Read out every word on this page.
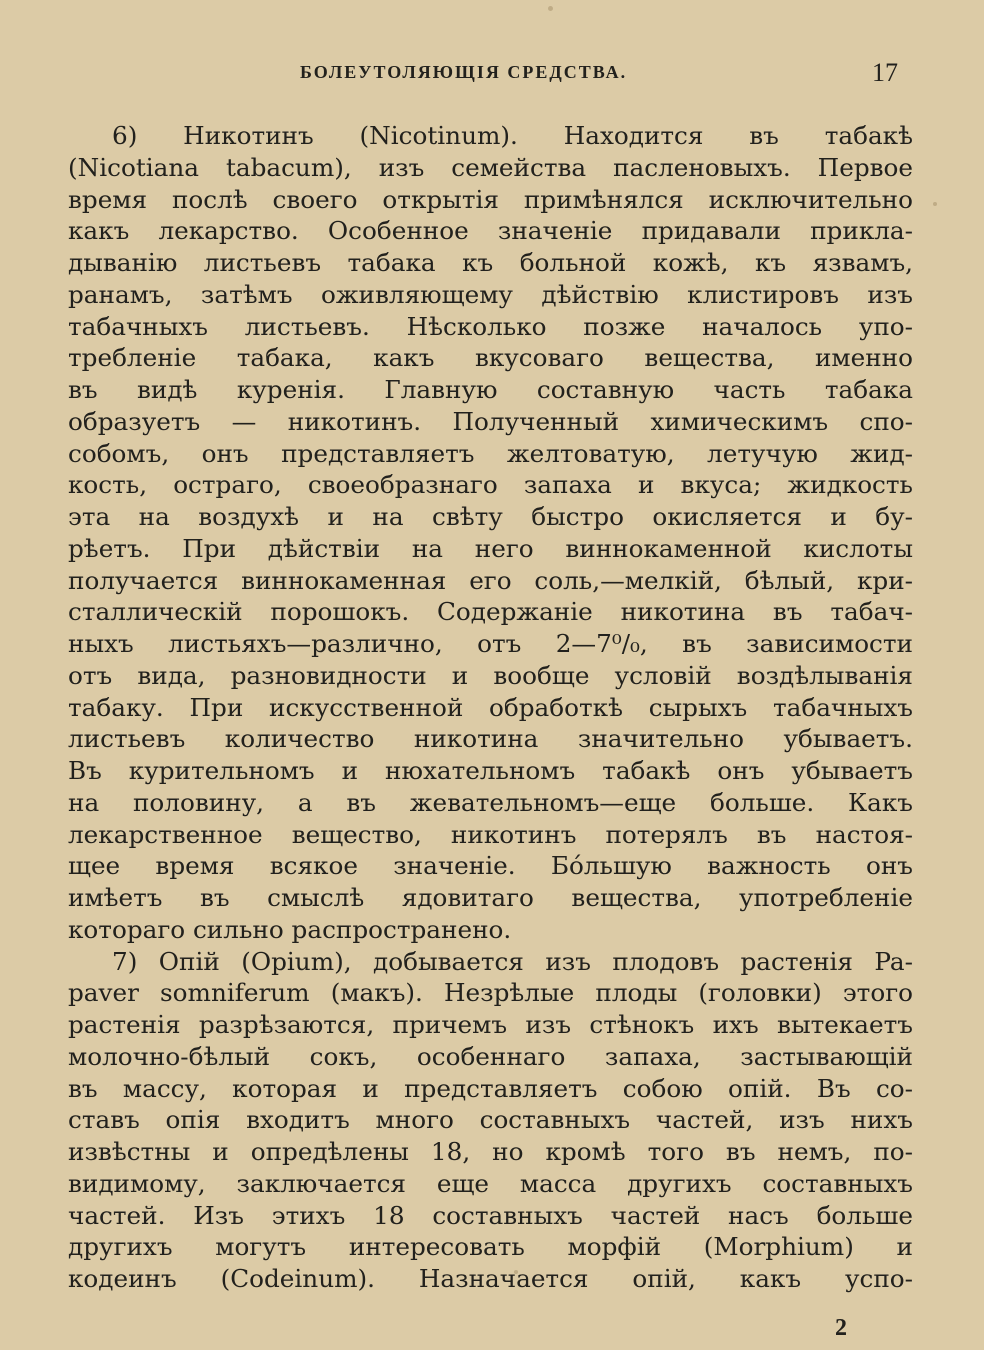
БОЛЕУТОЛЯЮЩІЯ СРЕДСТВА.	17
6) Никотинъ (Nicotinum). Находится въ табакѣ
(Nicotiana tabacum), изъ семейства пасленовыхъ. Первое
время послѣ своего открытія примѣнялся исключительно
какъ лекарство. Особенное значеніе придавали прикла-
дыванію листьевъ табака къ больной кожѣ, къ язвамъ,
ранамъ, затѣмъ оживляющему дѣйствію клистировъ изъ
табачныхъ листьевъ. Нѣсколько позже началось упо-
требленіе табака, какъ вкусоваго вещества, именно
въ видѣ куренія. Главную составную часть табака
образуетъ — никотинъ. Полученный химическимъ спо-
собомъ, онъ представляетъ желтоватую, летучую жид-
кость, остраго, своеобразнаго запаха и вкуса; жидкость
эта на воздухѣ и на свѣту быстро окисляется и бу-
рѣетъ. При дѣйствіи на него виннокаменной кислоты
получается виннокаменная его соль,—мелкій, бѣлый, кри-
сталлическій порошокъ. Содержаніе никотина въ табач-
ныхъ листьяхъ—различно, отъ 2—7⁰/₀, въ зависимости
отъ вида, разновидности и вообще условій воздѣлыванія
табаку. При искусственной обработкѣ сырыхъ табачныхъ
листьевъ количество никотина значительно убываетъ.
Въ курительномъ и нюхательномъ табакѣ онъ убываетъ
на половину, а въ жевательномъ—еще больше. Какъ
лекарственное вещество, никотинъ потерялъ въ настоя-
щее время всякое значеніе. Бо́льшую важность онъ
имѣетъ въ смыслѣ ядовитаго вещества, употребленіе
котораго сильно распространено.
7) Опій (Opium), добывается изъ плодовъ растенія Pa-
paver somniferum (макъ). Незрѣлые плоды (головки) этого
растенія разрѣзаются, причемъ изъ стѣнокъ ихъ вытекаетъ
молочно-бѣлый сокъ, особеннаго запаха, застывающій
въ массу, которая и представляетъ собою опій. Въ со-
ставъ опія входитъ много составныхъ частей, изъ нихъ
извѣстны и опредѣлены 18, но кромѣ того въ немъ, по-
видимому, заключается еще масса другихъ составныхъ
частей. Изъ этихъ 18 составныхъ частей насъ больше
другихъ могутъ интересовать морфій (Morphium) и
кодеинъ (Codeinum). Назначается опій, какъ успо-
2
